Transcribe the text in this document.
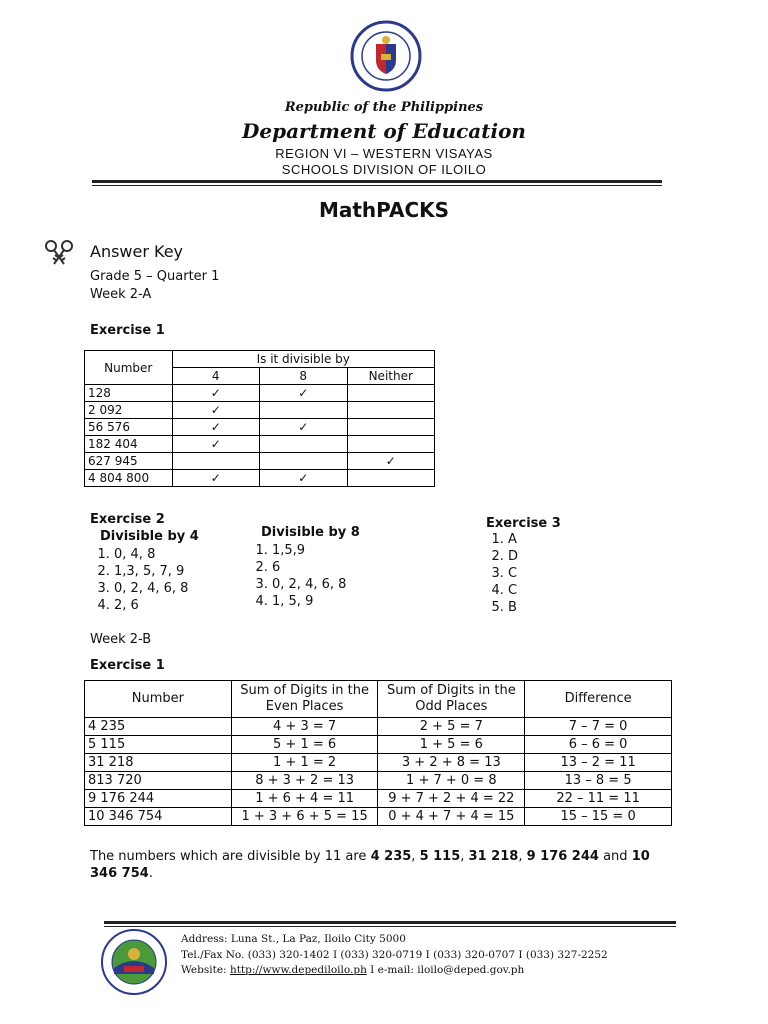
Republic of the Philippines
Department of Education
REGION VI – WESTERN VISAYAS
SCHOOLS DIVISION OF ILOILO
MathPACKS
Answer Key
Grade 5 – Quarter 1
Week 2-A
Exercise 1
Number	Is it divisible by		
	4	8	Neither
128	✓	✓	
2 092	✓		
56 576	✓	✓	
182 404	✓		
627 945			✓
4 804 800	✓	✓	
Exercise 2
Divisible by 4
1. 0, 4, 8
2. 1,3, 5, 7, 9
3. 0, 2, 4, 6, 8
4. 2, 6
Divisible by 8
1. 1,5,9
2. 6
3. 0, 2, 4, 6, 8
4. 1, 5, 9
Exercise 3
1. A
2. D
3. C
4. C
5. B
Week 2-B
Exercise 1
Number	Sum of Digits in the Even Places	Sum of Digits in the Odd Places	Difference
4 235	4 + 3 = 7	2 + 5 = 7	7 – 7 = 0
5 115	5 + 1 = 6	1 + 5 = 6	6 – 6 = 0
31 218	1 + 1 = 2	3 + 2 + 8 = 13	13 – 2 = 11
813 720	8 + 3 + 2 = 13	1 + 7 + 0 = 8	13 – 8 = 5
9 176 244	1 + 6 + 4 = 11	9 + 7 + 2 + 4 = 22	22 – 11 = 11
10 346 754	1 + 3 + 6 + 5 = 15	0 + 4 + 7 + 4 = 15	15 – 15 = 0
The numbers which are divisible by 11 are 4 235, 5 115, 31 218, 9 176 244 and 10 346 754.
Address: Luna St., La Paz, Iloilo City 5000
Tel./Fax No. (033) 320-1402 I (033) 320-0719 I (033) 320-0707 I (033) 327-2252
Website: http://www.depediloilo.ph I e-mail: iloilo@deped.gov.ph
